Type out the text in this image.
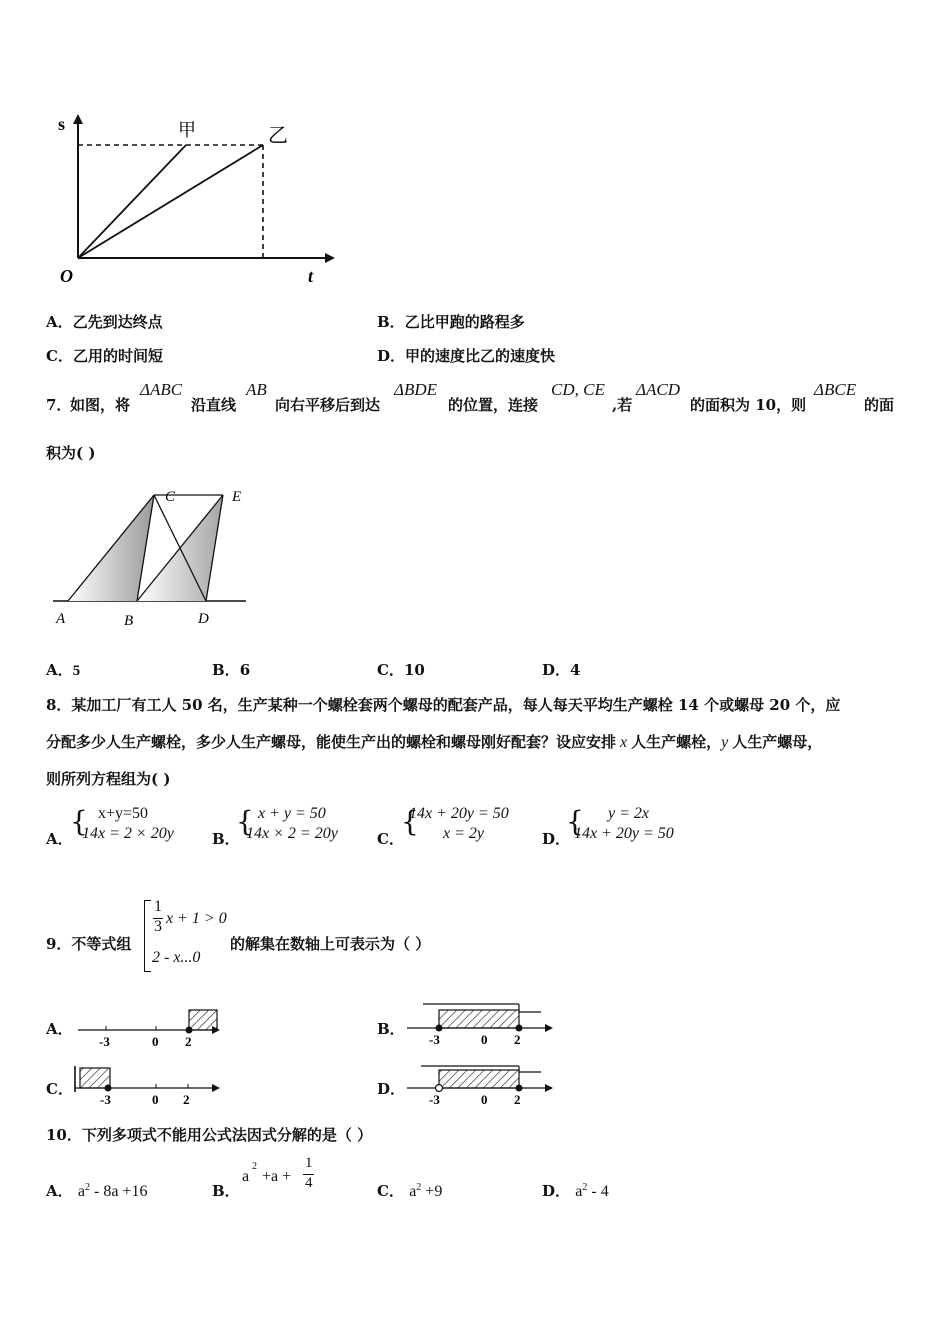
s
t
O
甲	乙
A．乙先到达终点	B．乙比甲跑的路程多
C．乙用的时间短	D．甲的速度比乙的速度快
7．
如图，将
ΔABC
沿直线
AB
向右平移后到达
ΔBDE
的位置，连接
CD, CE
,若
ΔACD
的面积为 10，则
ΔBCE
的面
积为( )
A	B
C
D
E
A．5	B．6	C．10	D．4
8．某加工厂有工人 50 名，生产某种一个螺栓套两个螺母的配套产品，每人每天平均生产螺栓 14 个或螺母 20 个，应
分配多少人生产螺栓，多少人生产螺母，能使生产出的螺栓和螺母刚好配套？设应安排 x 人生产螺栓，y 人生产螺母，
则所列方程组为( )
A．
{ x+y=50
14x = 2 × 20y	B．
{ x + y = 50
14x × 2 = 20y	C．
{
14x + 20y = 50
x = 2y	D．
{ y = 2x
14x + 20y = 50
9．不等式组
1
3 x + 1 > 0
2 - x...0
的解集在数轴上可表示为（ ）
A．
-3	0 2
B．
-3	0 2
C．
-3	0 2
D．
-3	0 2
10．下列多项式不能用公式法因式分解的是（ ）
A． $a^2 - 8a +16$	B．
a
2
+a +
1
4	C． $a^2 +9$	D． $a^2 - 4$
